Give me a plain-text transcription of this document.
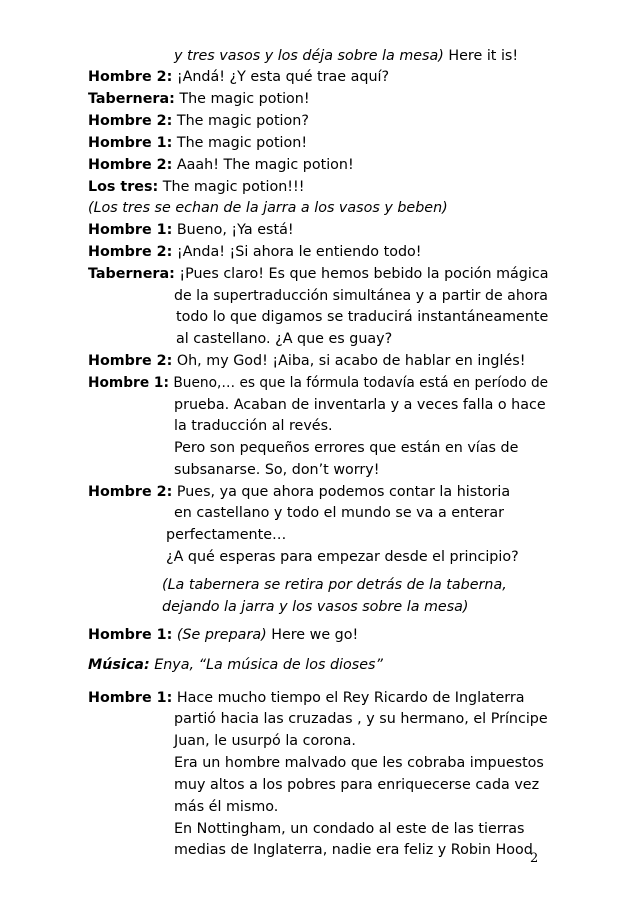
y tres vasos y los déja sobre la mesa) Here it is!
Hombre 2: ¡Andá! ¿Y esta qué trae aquí?
Tabernera: The magic potion!
Hombre 2: The magic potion?
Hombre 1: The magic potion!
Hombre 2: Aaah! The magic potion!
Los tres: The magic potion!!!
(Los tres se echan de la jarra a los vasos y beben)
Hombre 1: Bueno, ¡Ya está!
Hombre 2: ¡Anda! ¡Si ahora le entiendo todo!
Tabernera: ¡Pues claro! Es que hemos bebido la poción mágica
de la supertraducción simultánea y a partir de ahora
todo lo que digamos se traducirá instantáneamente
al castellano. ¿A que es guay?
Hombre 2: Oh, my God! ¡Aiba, si acabo de hablar en inglés!
Hombre 1: Bueno,… es que la fórmula todavía está en período de
prueba. Acaban de inventarla y a veces falla o hace
la traducción al revés.
Pero son pequeños errores que están en vías de
subsanarse. So, don’t worry!
Hombre 2: Pues, ya que ahora podemos contar la historia
en castellano y todo el mundo se va a enterar
perfectamente…
¿A qué esperas para empezar desde el principio?
(La tabernera se retira por detrás de la taberna,
dejando la jarra y los vasos sobre la mesa)
Hombre 1: (Se prepara) Here we go!
Música: Enya, “La música de los dioses”
Hombre 1: Hace mucho tiempo el Rey Ricardo de Inglaterra
partió hacia las cruzadas , y su hermano, el Príncipe
Juan, le usurpó la corona.
Era un hombre malvado que les cobraba impuestos
muy altos a los pobres para enriquecerse cada vez
más él mismo.
En Nottingham, un condado al este de las tierras
medias de Inglaterra, nadie era feliz y Robin Hood
2
